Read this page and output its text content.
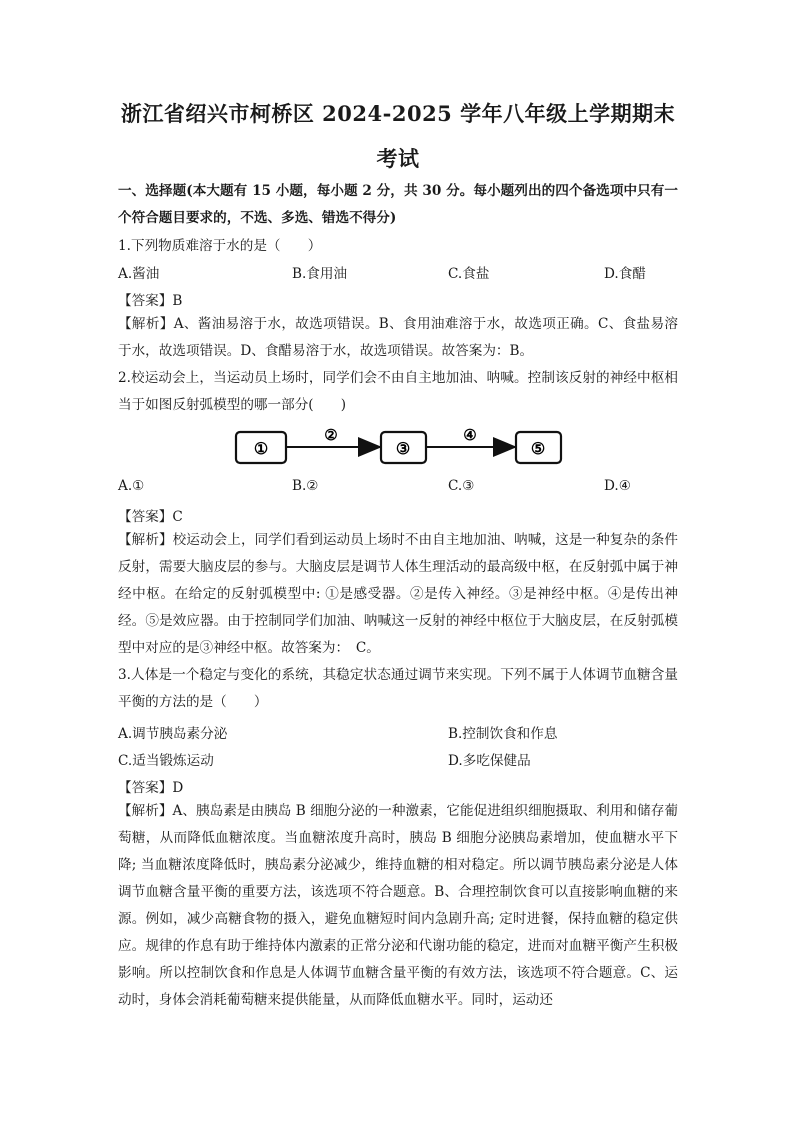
浙江省绍兴市柯桥区 2024-2025 学年八年级上学期期末
考试
一、选择题(本大题有 15 小题，每小题 2 分，共 30 分。每小题列出的四个备选项中只有一个符合题目要求的，不选、多选、错选不得分)
1.下列物质难溶于水的是（　　）
A.酱油	B.食用油	C.食盐	D.食醋
【答案】B
【解析】A、酱油易溶于水，故选项错误。B、食用油难溶于水，故选项正确。C、食盐易溶于水，故选项错误。D、食醋易溶于水，故选项错误。故答案为：B。
2.校运动会上，当运动员上场时，同学们会不由自主地加油、呐喊。控制该反射的神经中枢相当于如图反射弧模型的哪一部分(　　)
①
②
③
④
⑤
A.①	B.②	C.③	D.④
【答案】C
【解析】校运动会上，同学们看到运动员上场时不由自主地加油、呐喊，这是一种复杂的条件反射，需要大脑皮层的参与。大脑皮层是调节人体生理活动的最高级中枢，在反射弧中属于神经中枢。在给定的反射弧模型中: ①是感受器。②是传入神经。③是神经中枢。④是传出神经。⑤是效应器。由于控制同学们加油、呐喊这一反射的神经中枢位于大脑皮层，在反射弧模型中对应的是③神经中枢。故答案为：　C。
3.人体是一个稳定与变化的系统，其稳定状态通过调节来实现。下列不属于人体调节血糖含量平衡的方法的是（　　）
A.调节胰岛素分泌	B.控制饮食和作息
C.适当锻炼运动	D.多吃保健品
【答案】D
【解析】A、胰岛素是由胰岛 B 细胞分泌的一种激素，它能促进组织细胞摄取、利用和储存葡萄糖，从而降低血糖浓度。当血糖浓度升高时，胰岛 B 细胞分泌胰岛素增加，使血糖水平下降; 当血糖浓度降低时，胰岛素分泌减少，维持血糖的相对稳定。所以调节胰岛素分泌是人体调节血糖含量平衡的重要方法，该选项不符合题意。B、合理控制饮食可以直接影响血糖的来源。例如，减少高糖食物的摄入，避免血糖短时间内急剧升高; 定时进餐，保持血糖的稳定供应。规律的作息有助于维持体内激素的正常分泌和代谢功能的稳定，进而对血糖平衡产生积极影响。所以控制饮食和作息是人体调节血糖含量平衡的有效方法，该选项不符合题意。C、运动时，身体会消耗葡萄糖来提供能量，从而降低血糖水平。同时，运动还
